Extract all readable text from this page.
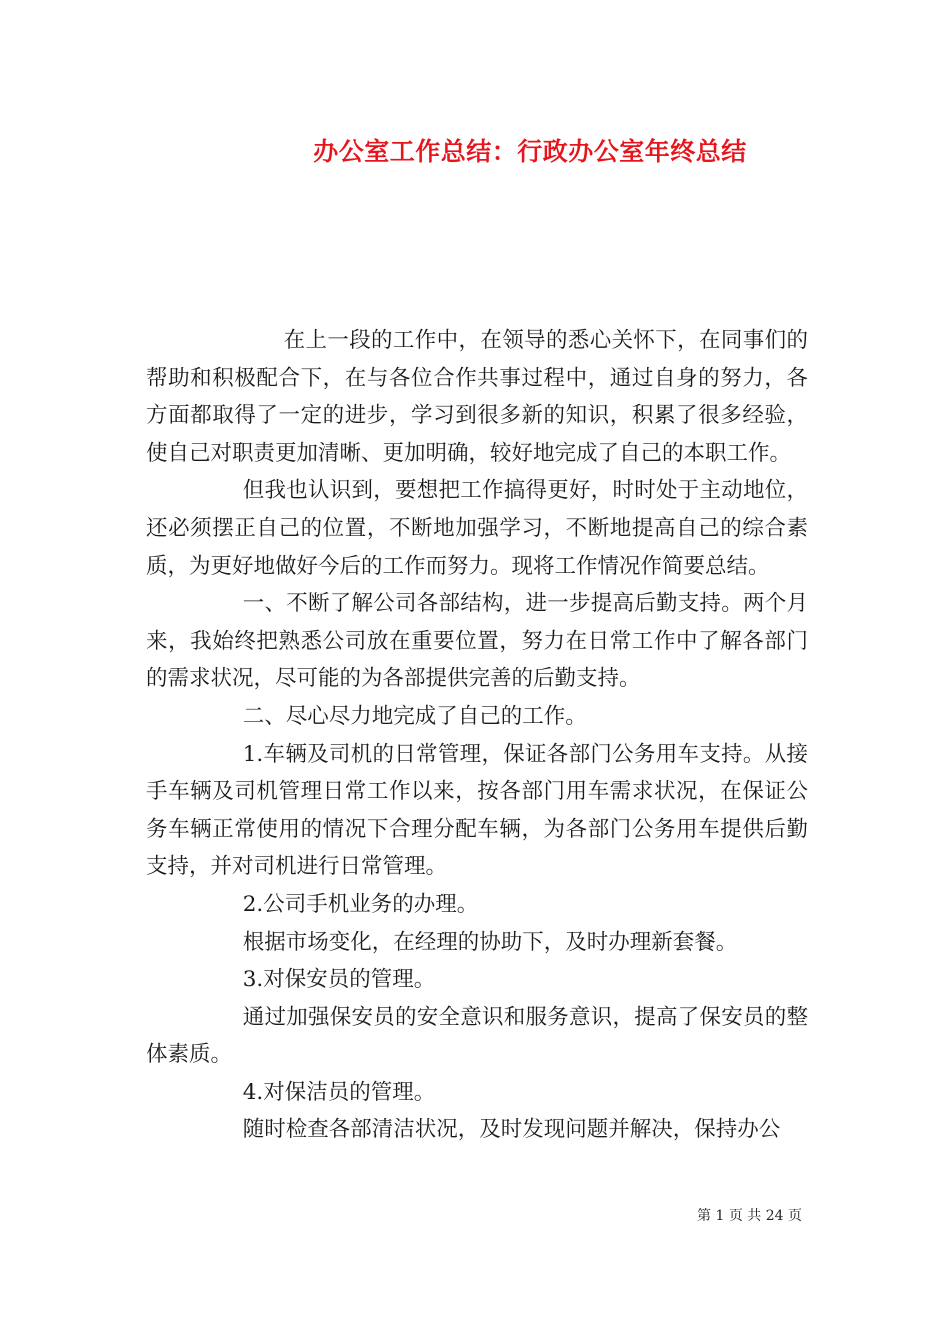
办公室工作总结：行政办公室年终总结

在上一段的工作中，在领导的悉心关怀下，在同事们的帮助和积极配合下，在与各位合作共事过程中，通过自身的努力，各方面都取得了一定的进步，学习到很多新的知识，积累了很多经验，使自己对职责更加清晰、更加明确，较好地完成了自己的本职工作。

但我也认识到，要想把工作搞得更好，时时处于主动地位，还必须摆正自己的位置，不断地加强学习，不断地提高自己的综合素质，为更好地做好今后的工作而努力。现将工作情况作简要总结。

一、不断了解公司各部结构，进一步提高后勤支持。两个月来，我始终把熟悉公司放在重要位置，努力在日常工作中了解各部门的需求状况，尽可能的为各部提供完善的后勤支持。

二、尽心尽力地完成了自己的工作。

1.车辆及司机的日常管理，保证各部门公务用车支持。从接手车辆及司机管理日常工作以来，按各部门用车需求状况，在保证公务车辆正常使用的情况下合理分配车辆，为各部门公务用车提供后勤支持，并对司机进行日常管理。

2.公司手机业务的办理。

根据市场变化，在经理的协助下，及时办理新套餐。

3.对保安员的管理。

通过加强保安员的安全意识和服务意识，提高了保安员的整体素质。

4.对保洁员的管理。

随时检查各部清洁状况，及时发现问题并解决，保持办公

第 1 页 共 24 页
